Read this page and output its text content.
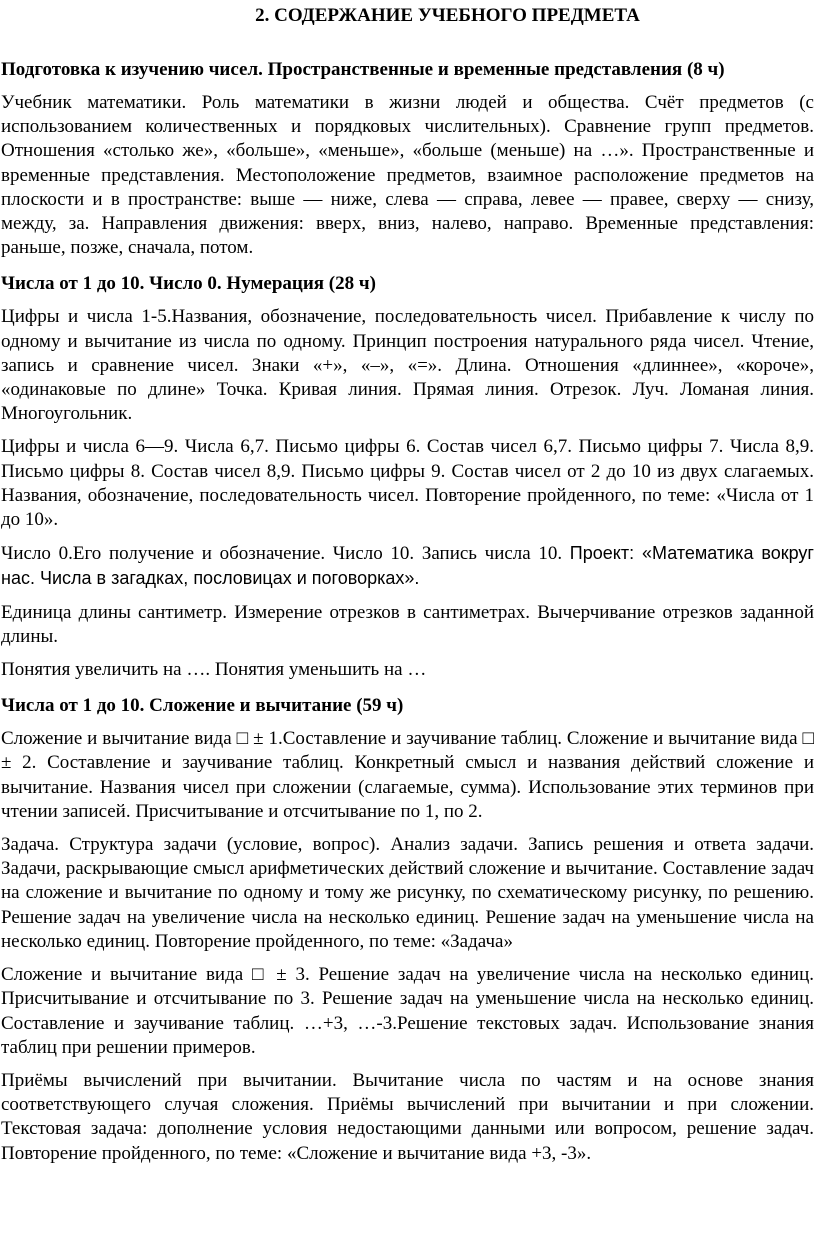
2. СОДЕРЖАНИЕ УЧЕБНОГО ПРЕДМЕТА

Подготовка к изучению чисел. Пространственные и временные представления (8 ч)

Учебник математики. Роль математики в жизни людей и общества. Счёт предметов (с использованием количественных и порядковых числительных). Сравнение групп предметов. Отношения «столько же», «больше», «меньше», «больше (меньше) на …». Пространственные и временные представления. Местоположение предметов, взаимное расположение предметов на плоскости и в пространстве: выше — ниже, слева — справа, левее — правее, сверху — снизу, между, за. Направления движения: вверх, вниз, налево, направо. Временные представления: раньше, позже, сначала, потом.

Числа от 1 до 10. Число 0. Нумерация (28 ч)

Цифры и числа 1-5.Названия, обозначение, последовательность чисел. Прибавление к числу по одному и вычитание из числа по одному. Принцип построения натурального ряда чисел. Чтение, запись и сравнение чисел. Знаки «+», «–», «=». Длина. Отношения «длиннее», «короче», «одинаковые по длине» Точка. Кривая линия. Прямая линия. Отрезок. Луч. Ломаная линия. Многоугольник.

Цифры и числа 6—9. Числа 6,7. Письмо цифры 6. Состав чисел 6,7. Письмо цифры 7. Числа 8,9. Письмо цифры 8. Состав чисел 8,9. Письмо цифры 9. Состав чисел от 2 до 10 из двух слагаемых. Названия, обозначение, последовательность чисел. Повторение пройденного, по теме: «Числа от 1 до 10».

Число 0.Его получение и обозначение. Число 10. Запись числа 10. Проект: «Математика вокруг нас. Числа в загадках, пословицах и поговорках».

Единица длины сантиметр. Измерение отрезков в сантиметрах. Вычерчивание отрезков заданной длины.

Понятия увеличить на …. Понятия уменьшить на …

Числа от 1 до 10. Сложение и вычитание (59 ч)

Сложение и вычитание вида □ ± 1.Составление и заучивание таблиц. Сложение и вычитание вида □ ± 2. Составление и заучивание таблиц. Конкретный смысл и названия действий сложение и вычитание. Названия чисел при сложении (слагаемые, сумма). Использование этих терминов при чтении записей. Присчитывание и отсчитывание по 1, по 2.

Задача. Структура задачи (условие, вопрос). Анализ задачи. Запись решения и ответа задачи. Задачи, раскрывающие смысл арифметических действий сложение и вычитание. Составление задач на сложение и вычитание по одному и тому же рисунку, по схематическому рисунку, по решению. Решение задач на увеличение числа на несколько единиц. Решение задач на уменьшение числа на несколько единиц. Повторение пройденного, по теме: «Задача»

Сложение и вычитание вида □ ± 3. Решение задач на увеличение числа на несколько единиц. Присчитывание и отсчитывание по 3. Решение задач на уменьшение числа на несколько единиц. Составление и заучивание таблиц. …+3, …-3.Решение текстовых задач. Использование знания таблиц при решении примеров.

Приёмы вычислений при вычитании. Вычитание числа по частям и на основе знания соответствующего случая сложения. Приёмы вычислений при вычитании и при сложении. Текстовая задача: дополнение условия недостающими данными или вопросом, решение задач. Повторение пройденного, по теме: «Сложение и вычитание вида +3, -3».
